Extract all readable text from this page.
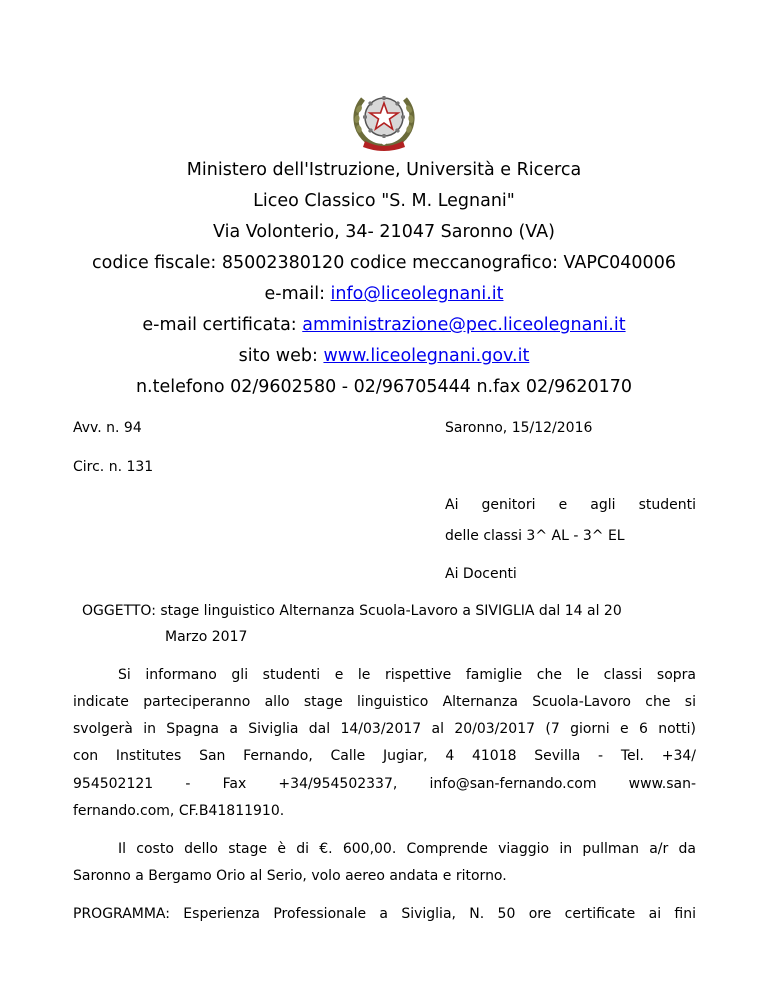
Ministero dell'Istruzione, Università e Ricerca
Liceo Classico "S. M. Legnani"
Via Volonterio, 34- 21047 Saronno (VA)
codice fiscale: 85002380120 codice meccanografico: VAPC040006
e-mail: info@liceolegnani.it
e-mail certificata: amministrazione@pec.liceolegnani.it
sito web: www.liceolegnani.gov.it
n.telefono 02/9602580 - 02/96705444 n.fax 02/9620170
Avv. n. 94	Saronno, 15/12/2016
Circ. n. 131
Ai genitori e agli studenti
delle classi 3^ AL - 3^ EL
Ai Docenti
OGGETTO: stage linguistico Alternanza Scuola-Lavoro a SIVIGLIA dal 14 al 20
Marzo 2017
Si informano gli studenti e le rispettive famiglie che le classi sopra
indicate parteciperanno allo stage linguistico Alternanza Scuola-Lavoro che si
svolgerà in Spagna a Siviglia dal 14/03/2017 al 20/03/2017 (7 giorni e 6 notti)
con Institutes San Fernando, Calle Jugiar, 4 41018 Sevilla - Tel. +34/
954502121 - Fax +34/954502337, info@san-fernando.com www.san-
fernando.com, CF.B41811910.
Il costo dello stage è di €. 600,00. Comprende viaggio in pullman a/r da
Saronno a Bergamo Orio al Serio, volo aereo andata e ritorno.
PROGRAMMA: Esperienza Professionale a Siviglia, N. 50 ore certificate ai fini
